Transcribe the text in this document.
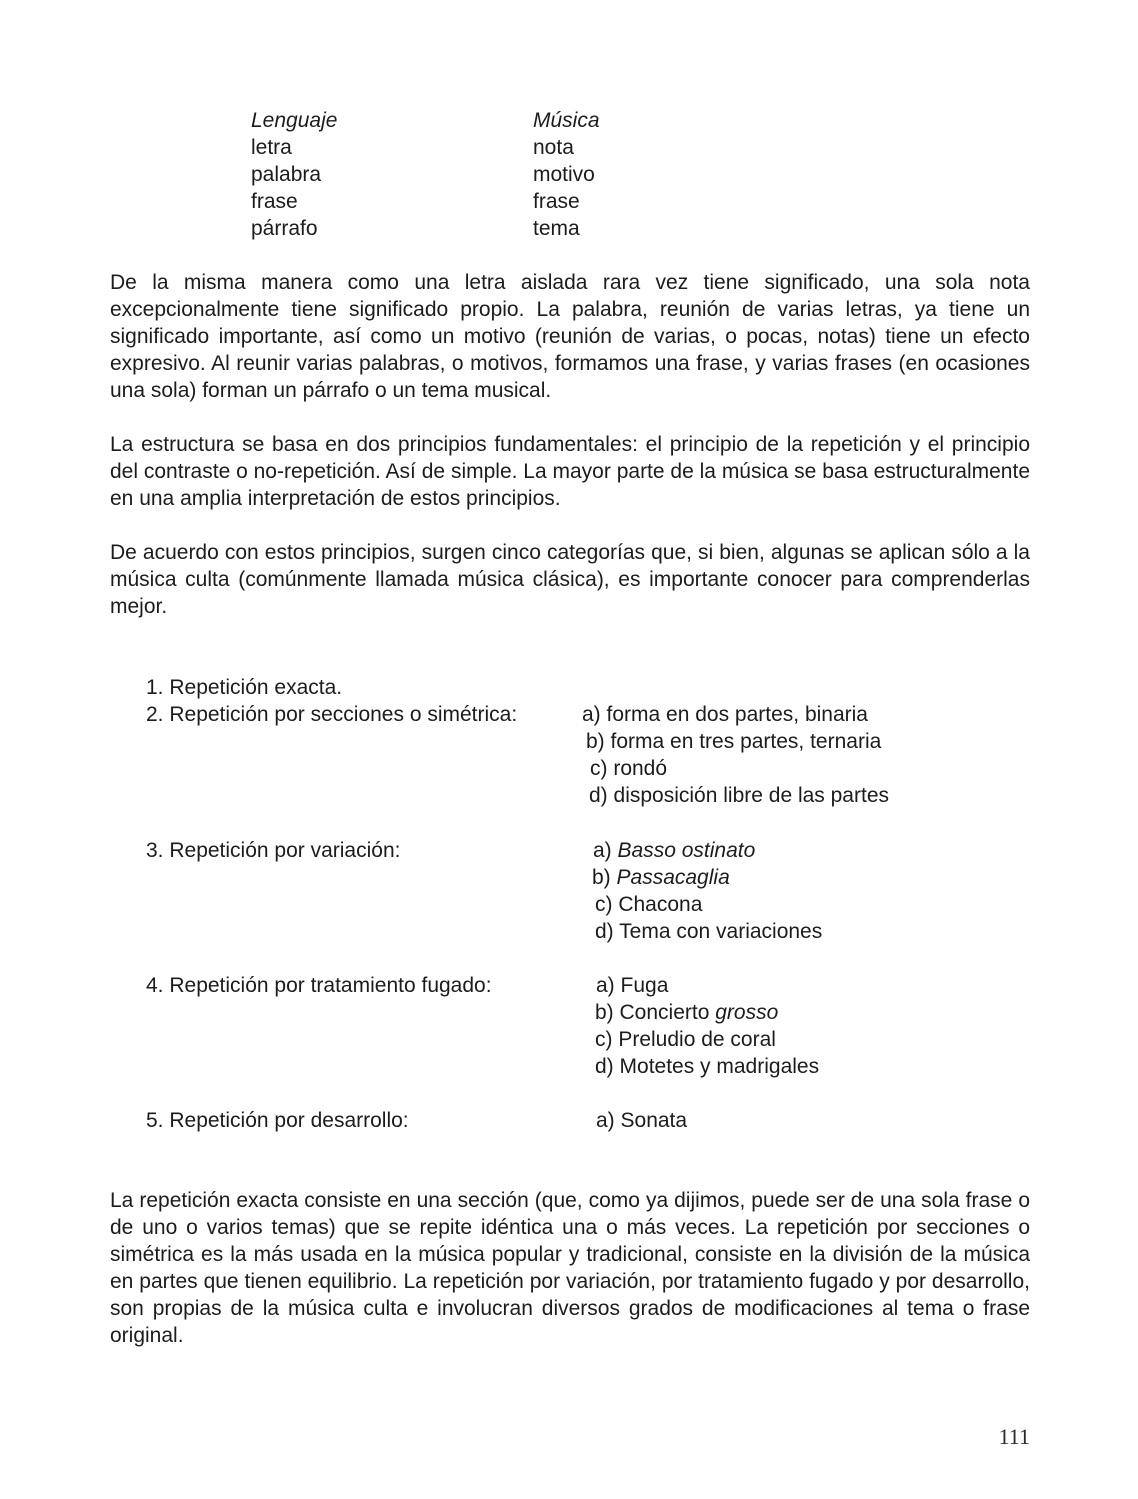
Lenguaje	Música
letra	nota
palabra	motivo
frase	frase
párrafo	tema

De la misma manera como una letra aislada rara vez tiene significado, una sola nota excepcionalmente tiene significado propio. La palabra, reunión de varias letras, ya tiene un significado importante, así como un motivo (reunión de varias, o pocas, notas) tiene un efecto expresivo. Al reunir varias palabras, o motivos, formamos una frase, y varias frases (en ocasiones una sola) forman un párrafo o un tema musical.

La estructura se basa en dos principios fundamentales: el principio de la repetición y el principio del contraste o no-repetición. Así de simple. La mayor parte de la música se basa estructuralmente en una amplia interpretación de estos principios.

De acuerdo con estos principios, surgen cinco categorías que, si bien, algunas se aplican sólo a la música culta (comúnmente llamada música clásica), es importante conocer para comprenderlas mejor.

1. Repetición exacta.
2. Repetición por secciones o simétrica:	a) forma en dos partes, binaria
b) forma en tres partes, ternaria
c) rondó
d) disposición libre de las partes
3. Repetición por variación:	a) Basso ostinato
b) Passacaglia
c) Chacona
d) Tema con variaciones
4. Repetición por tratamiento fugado:	a) Fuga
b) Concierto grosso
c) Preludio de coral
d) Motetes y madrigales
5. Repetición por desarrollo:	a) Sonata

La repetición exacta consiste en una sección (que, como ya dijimos, puede ser de una sola frase o de uno o varios temas) que se repite idéntica una o más veces. La repetición por secciones o simétrica es la más usada en la música popular y tradicional, consiste en la división de la música en partes que tienen equilibrio. La repetición por variación, por tratamiento fugado y por desarrollo, son propias de la música culta e involucran diversos grados de modificaciones al tema o frase original.

111
